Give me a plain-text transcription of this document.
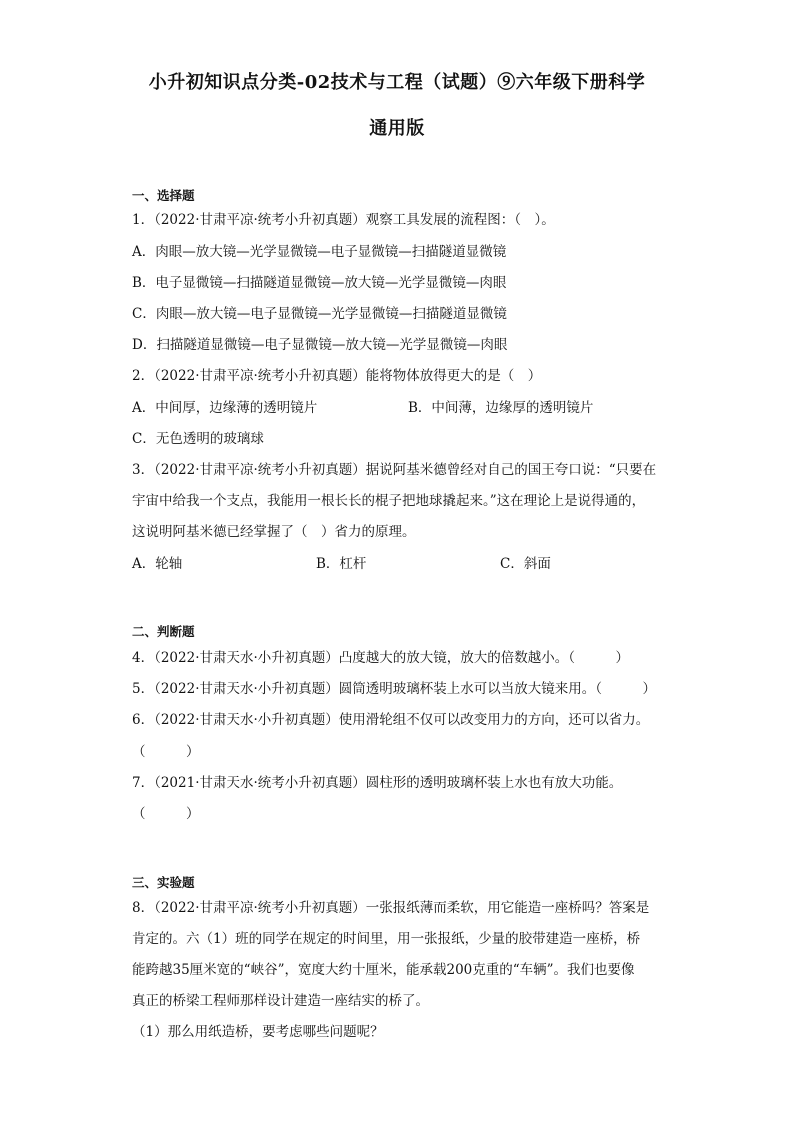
小升初知识点分类-02技术与工程（试题）⑨六年级下册科学
通用版
一、选择题
1．（2022·甘肃平凉·统考小升初真题）观察工具发展的流程图：（　）。
A．肉眼—放大镜—光学显微镜—电子显微镜—扫描隧道显微镜
B．电子显微镜—扫描隧道显微镜—放大镜—光学显微镜—肉眼
C．肉眼—放大镜—电子显微镜—光学显微镜—扫描隧道显微镜
D．扫描隧道显微镜—电子显微镜—放大镜—光学显微镜—肉眼
2．（2022·甘肃平凉·统考小升初真题）能将物体放得更大的是（　）
A．中间厚，边缘薄的透明镜片	B．中间薄，边缘厚的透明镜片
C．无色透明的玻璃球
3．（2022·甘肃平凉·统考小升初真题）据说阿基米德曾经对自己的国王夸口说：“只要在
宇宙中给我一个支点，我能用一根长长的棍子把地球撬起来。”这在理论上是说得通的，
这说明阿基米德已经掌握了（　）省力的原理。
A．轮轴	B．杠杆	C．斜面
二、判断题
4．（2022·甘肃天水·小升初真题）凸度越大的放大镜，放大的倍数越小。（　　　）
5．（2022·甘肃天水·小升初真题）圆筒透明玻璃杯装上水可以当放大镜来用。（　　　）
6．（2022·甘肃天水·小升初真题）使用滑轮组不仅可以改变用力的方向，还可以省力。
（　　　）
7．（2021·甘肃天水·统考小升初真题）圆柱形的透明玻璃杯装上水也有放大功能。
（　　　）
三、实验题
8．（2022·甘肃平凉·统考小升初真题）一张报纸薄而柔软，用它能造一座桥吗？答案是
肯定的。六（1）班的同学在规定的时间里，用一张报纸，少量的胶带建造一座桥，桥
能跨越35厘米宽的“峡谷”，宽度大约十厘米，能承载200克重的“车辆”。我们也要像
真正的桥梁工程师那样设计建造一座结实的桥了。
（1）那么用纸造桥，要考虑哪些问题呢？
